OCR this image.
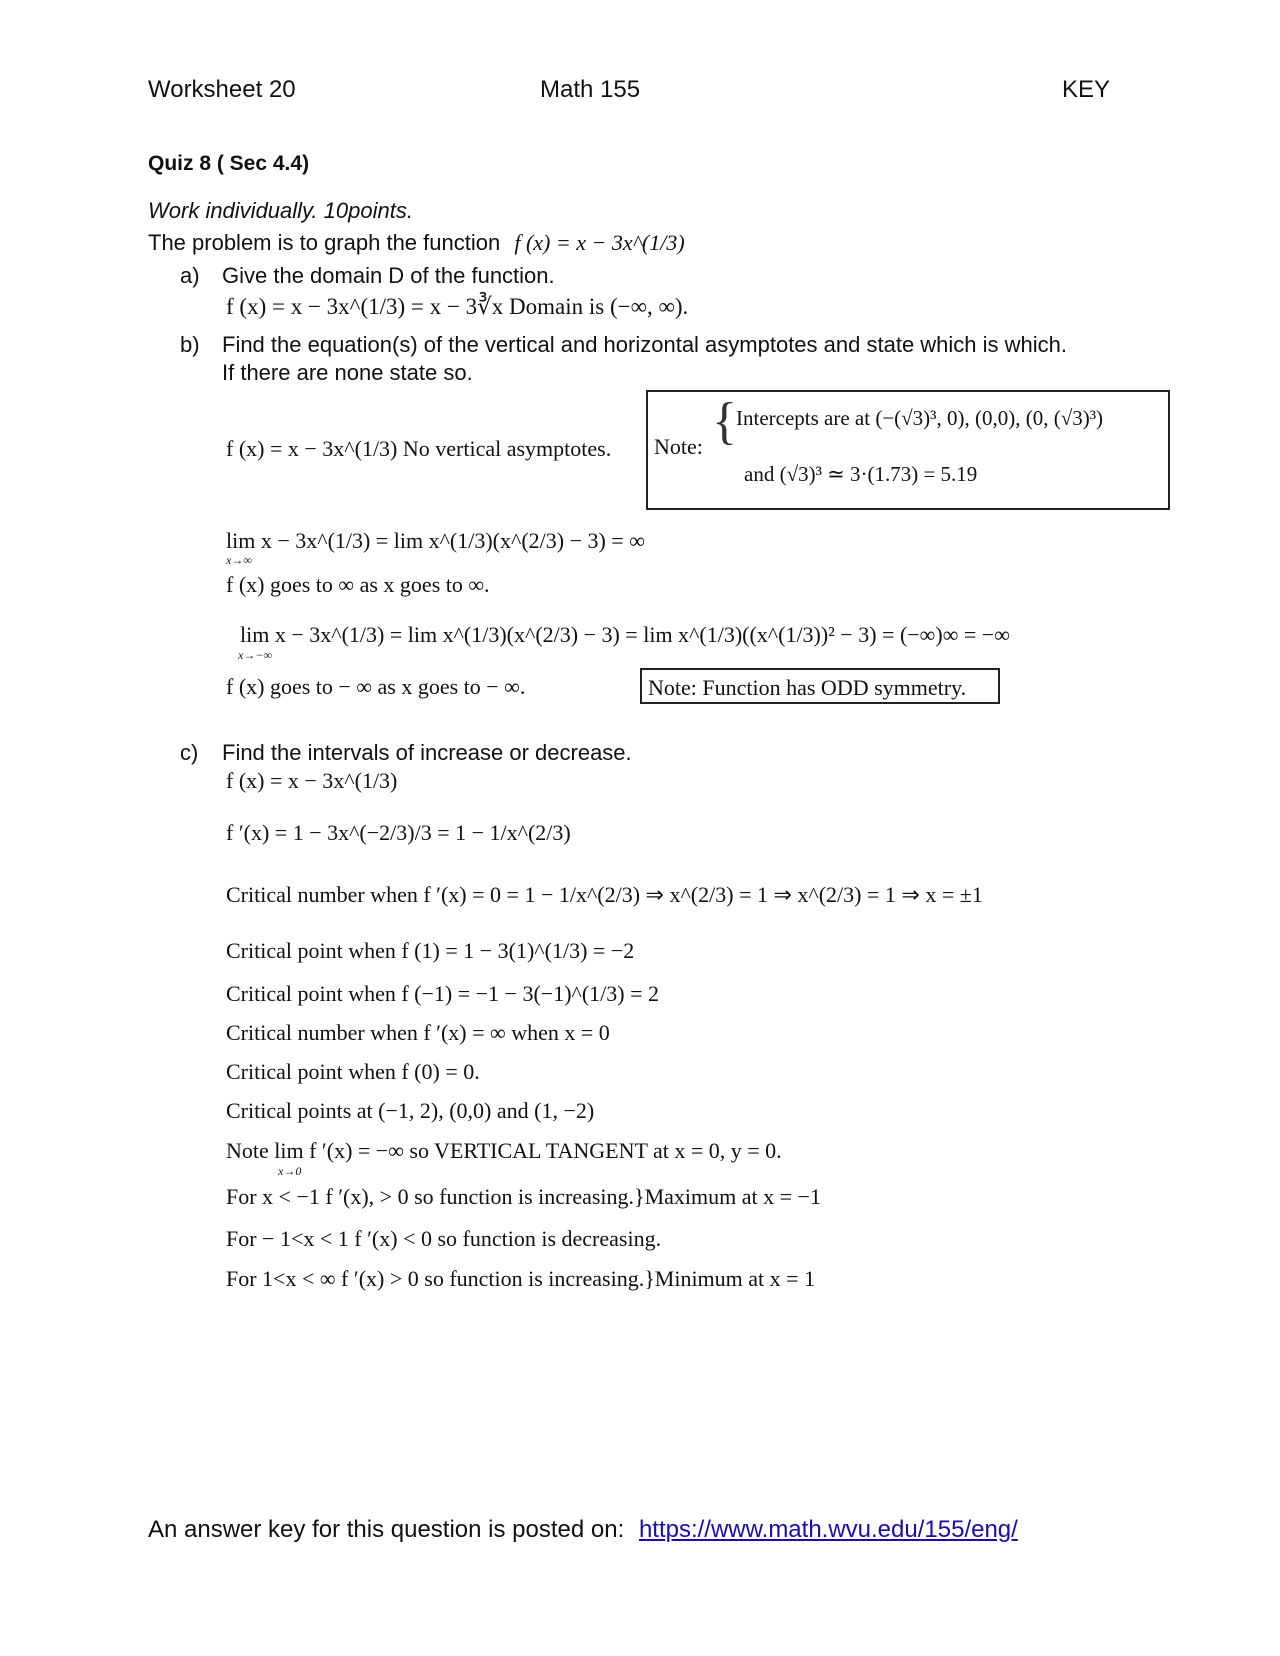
Worksheet 20	Math 155	KEY
Quiz 8 ( Sec 4.4)
Work individually. 10points.
The problem is to graph the function f (x) = x − 3x^(1/3)
a) Give the domain D of the function.
f (x) = x − 3x^(1/3) = x − 3∛x Domain is (−∞, ∞).
b) Find the equation(s) of the vertical and horizontal asymptotes and state which is which.
If there are none state so.
f (x) = x − 3x^(1/3) No vertical asymptotes. Note: { Intercepts are at (−(√3)³, 0), (0,0), (0, (√3)³)
and (√3)³ ≃ 3·(1.73) = 5.19
lim x − 3x^(1/3) = lim x^(1/3)(x^(2/3) − 3) = ∞
x→∞
f (x) goes to ∞ as x goes to ∞.
lim x − 3x^(1/3) = lim x^(1/3)(x^(2/3) − 3) = lim x^(1/3)((x^(1/3))² − 3) = (−∞)∞ = −∞
x→−∞
f (x) goes to − ∞ as x goes to − ∞.	Note: Function has ODD symmetry.
c) Find the intervals of increase or decrease.
f (x) = x − 3x^(1/3)
f ′(x) = 1 − 3x^(−2/3)/3 = 1 − 1/x^(2/3)
Critical number when f ′(x) = 0 = 1 − 1/x^(2/3) ⇒ x^(2/3) = 1 ⇒ x^(2/3) = 1 ⇒ x = ±1
Critical point when f (1) = 1 − 3(1)^(1/3) = −2
Critical point when f (−1) = −1 − 3(−1)^(1/3) = 2
Critical number when f ′(x) = ∞ when x = 0
Critical point when f (0) = 0.
Critical points at (−1, 2), (0,0) and (1, −2)
Note lim f ′(x) = −∞ so VERTICAL TANGENT at x = 0, y = 0.
x→0
For x < −1 f ′(x), > 0 so function is increasing.}Maximum at x = −1
For − 1<x < 1 f ′(x) < 0 so function is decreasing.
For 1<x < ∞ f ′(x) > 0 so function is increasing.}Minimum at x = 1
An answer key for this question is posted on: https://www.math.wvu.edu/155/eng/
